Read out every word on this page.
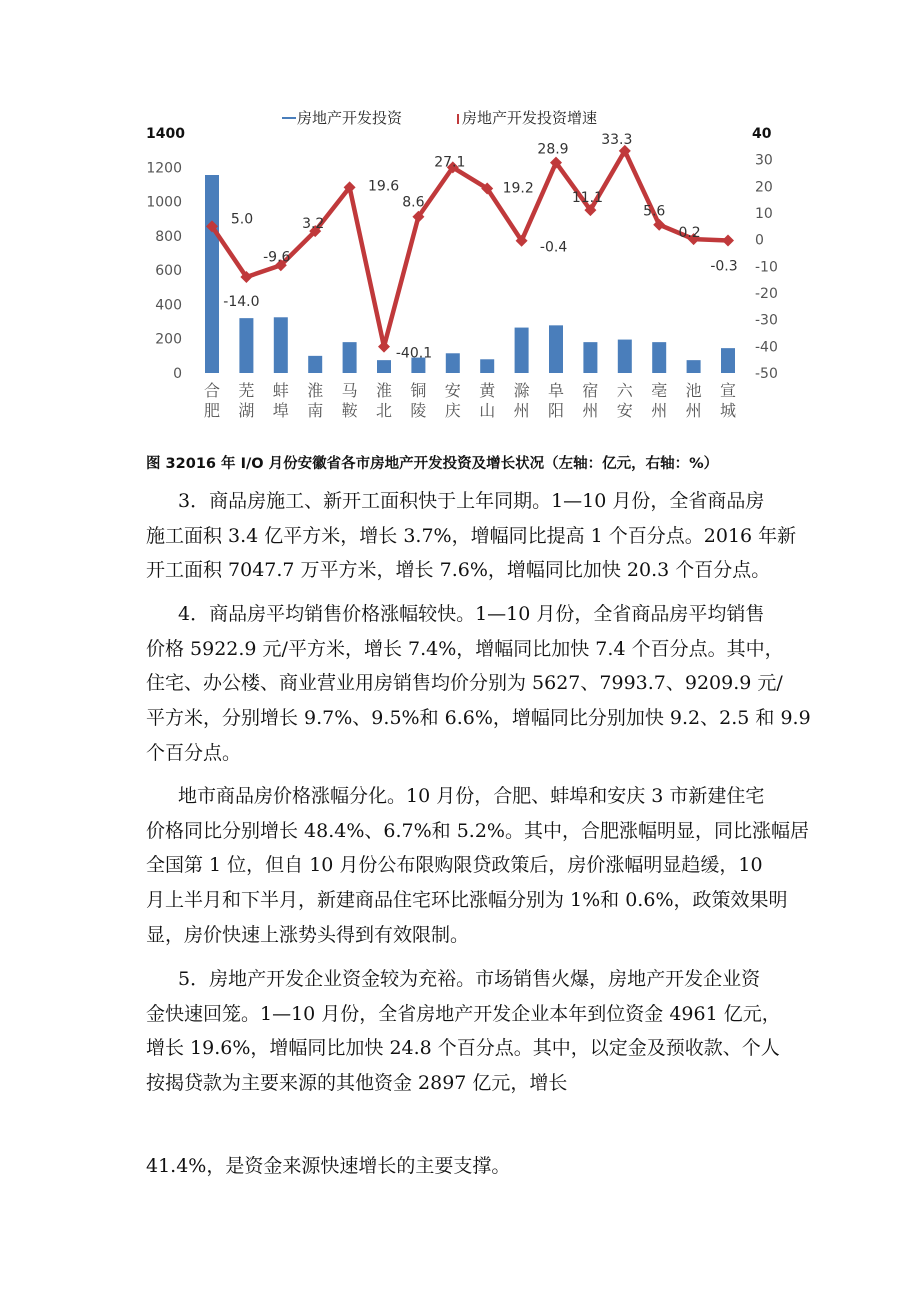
房地产开发投资	房地产开发投资增速
0
200
400
600
800
1000
1200
1400
-50
-40
-30
-20
-10
0
10
20
30
40
5.0
-14.0
-9.6
3.2
19.6
-40.1
8.6
27.1
19.2
-0.4
28.9
11.1
33.3
5.6
0.2
-0.3
合肥
芜湖
蚌埠
淮南
马鞍
淮北
铜陵
安庆
黄山
滁州
阜阳
宿州
六安
亳州
池州
宣城
图 32016 年 I/O 月份安徽省各市房地产开发投资及增长状况（左轴：亿元，右轴：%）
3．商品房施工、新开工面积快于上年同期。1—10 月份，全省商品房
施工面积 3.4 亿平方米，增长 3.7%，增幅同比提高 1 个百分点。2016 年新
开工面积 7047.7 万平方米，增长 7.6%，增幅同比加快 20.3 个百分点。
4．商品房平均销售价格涨幅较快。1—10 月份，全省商品房平均销售
价格 5922.9 元/平方米，增长 7.4%，增幅同比加快 7.4 个百分点。其中，
住宅、办公楼、商业营业用房销售均价分别为 5627、7993.7、9209.9 元/
平方米，分别增长 9.7%、9.5%和 6.6%，增幅同比分别加快 9.2、2.5 和 9.9
个百分点。
地市商品房价格涨幅分化。10 月份，合肥、蚌埠和安庆 3 市新建住宅
价格同比分别增长 48.4%、6.7%和 5.2%。其中，合肥涨幅明显，同比涨幅居
全国第 1 位，但自 10 月份公布限购限贷政策后，房价涨幅明显趋缓，10
月上半月和下半月，新建商品住宅环比涨幅分别为 1%和 0.6%，政策效果明
显，房价快速上涨势头得到有效限制。
5．房地产开发企业资金较为充裕。市场销售火爆，房地产开发企业资
金快速回笼。1—10 月份，全省房地产开发企业本年到位资金 4961 亿元，
增长 19.6%，增幅同比加快 24.8 个百分点。其中，以定金及预收款、个人
按揭贷款为主要来源的其他资金 2897 亿元，增长
41.4%，是资金来源快速增长的主要支撑。
